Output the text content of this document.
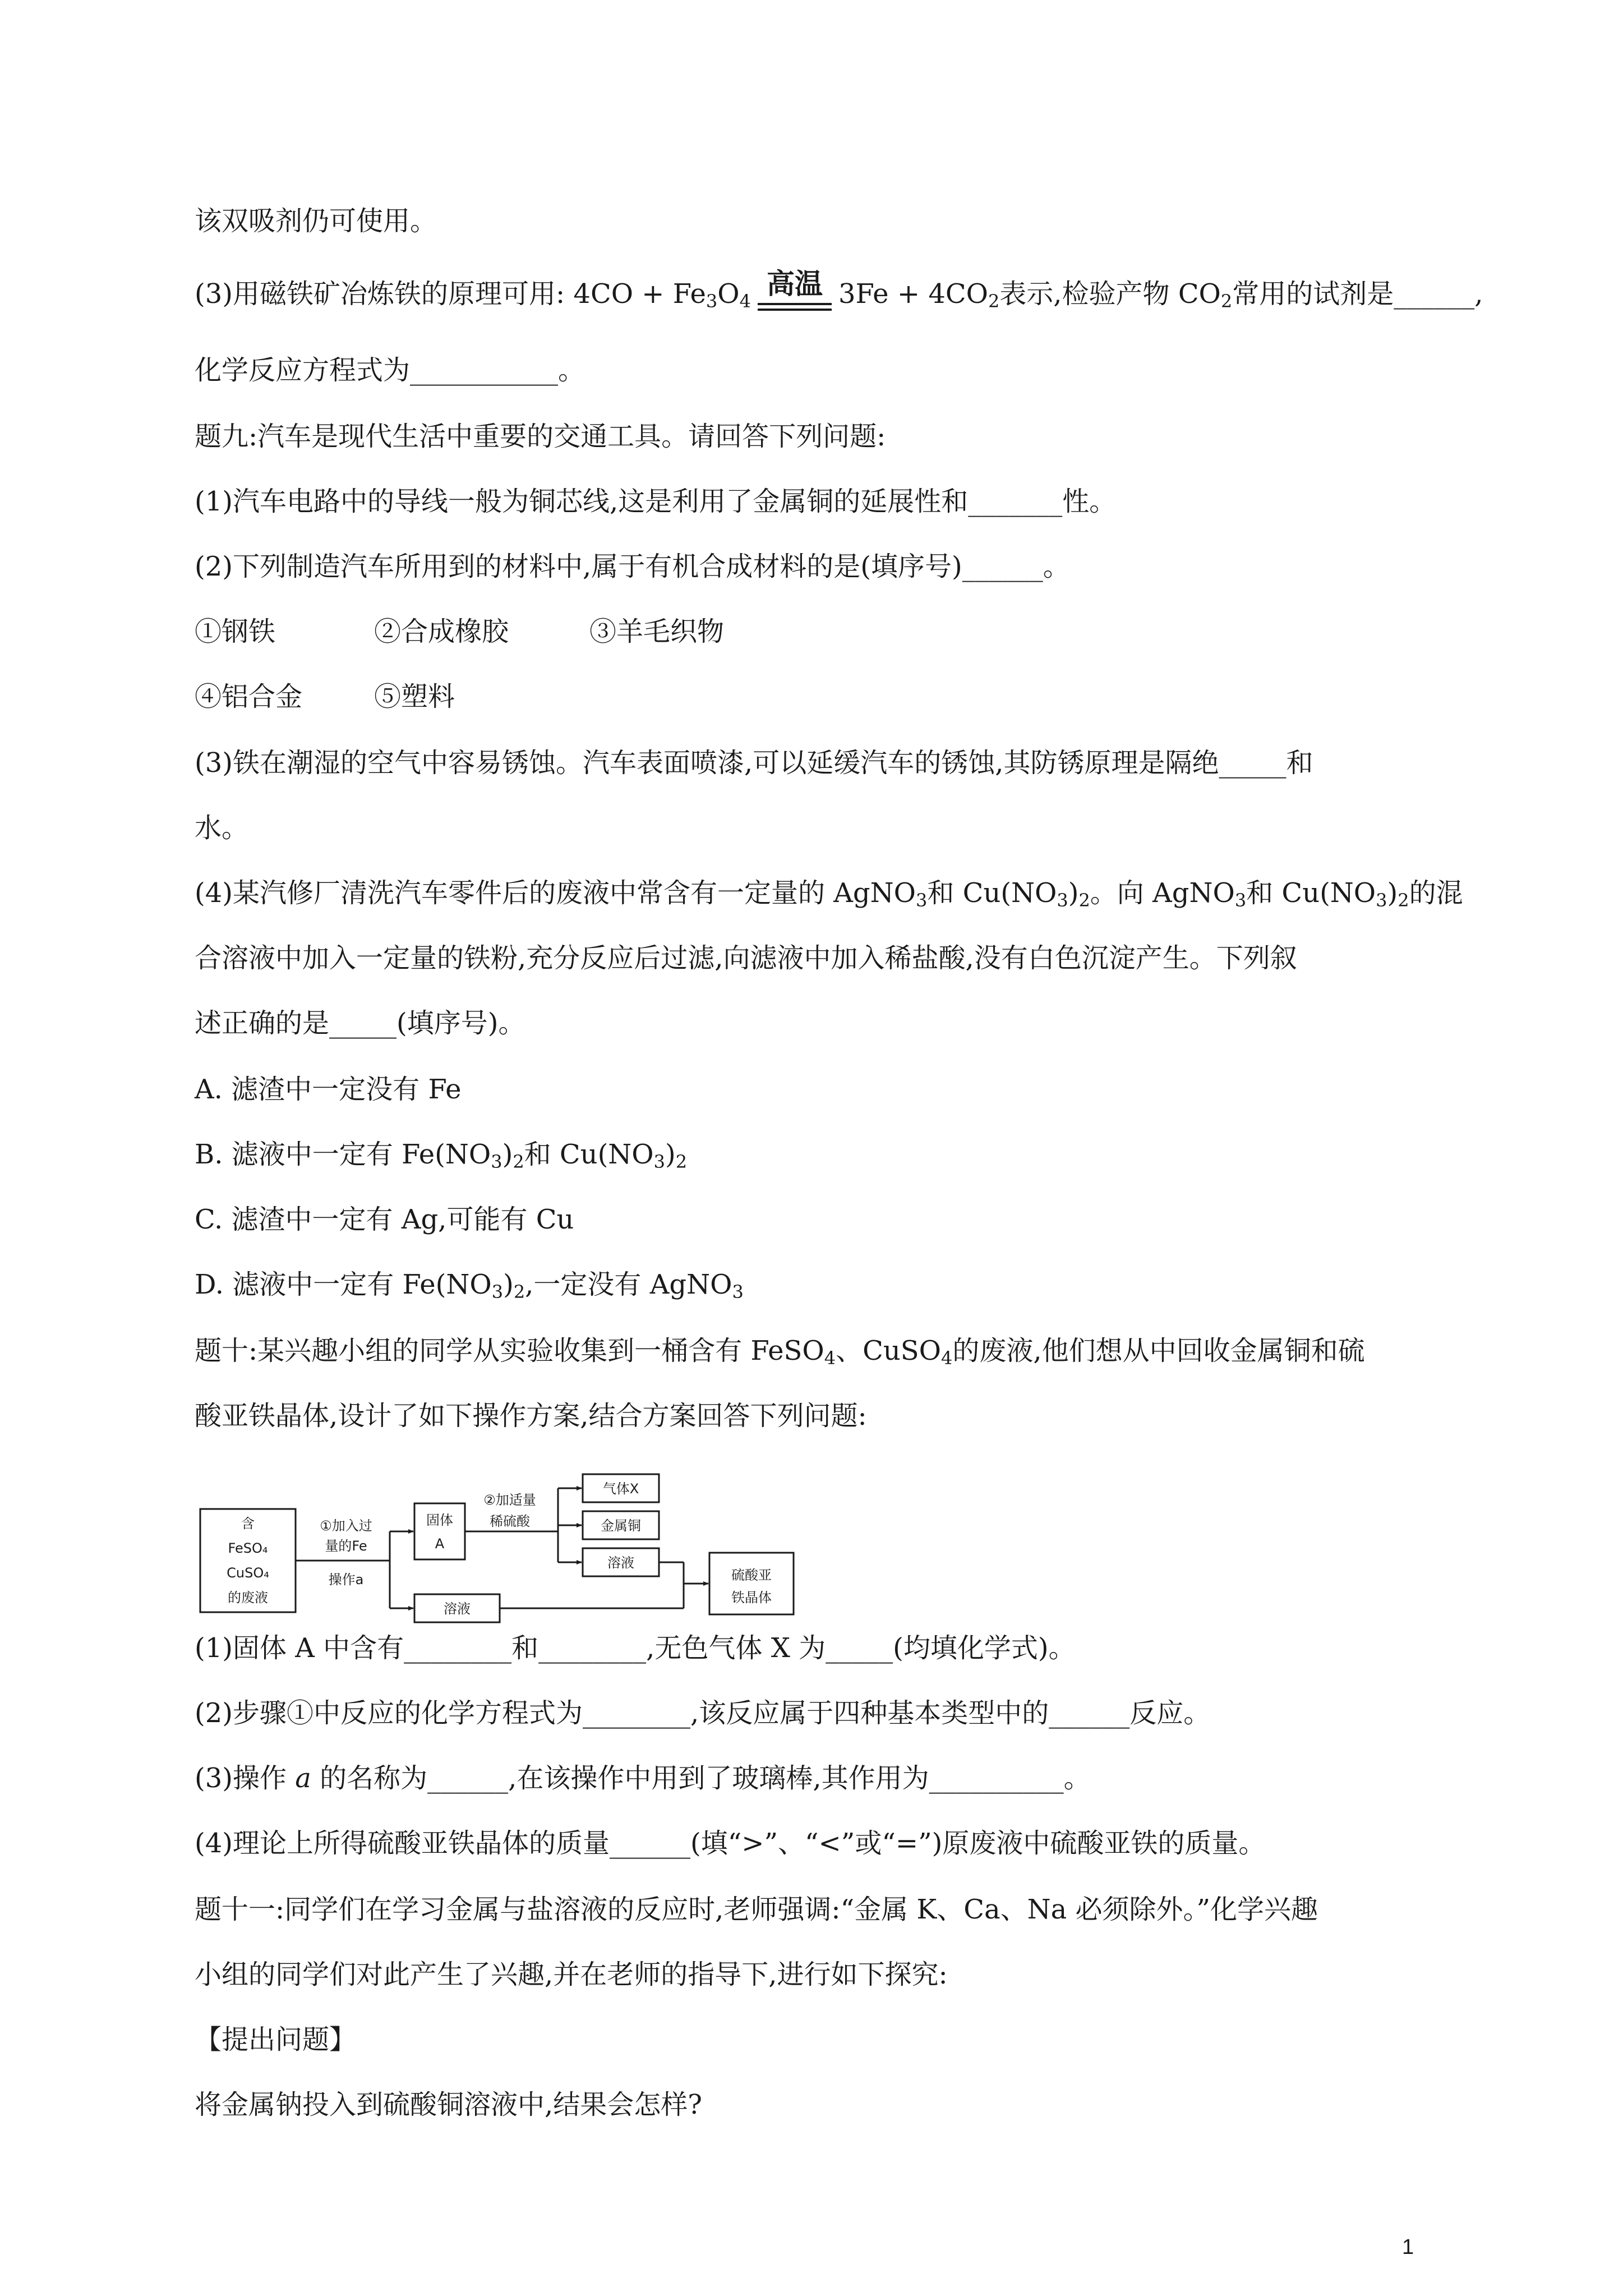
该双吸剂仍可使用。
(3)用磁铁矿冶炼铁的原理可用: $4CO + Fe_3O_4$
高温 $3Fe + 4CO_2$表示,检验产物 $CO_2$常用的试剂是______,
化学反应方程式为___________。
题九:汽车是现代生活中重要的交通工具。请回答下列问题:
(1)汽车电路中的导线一般为铜芯线,这是利用了金属铜的延展性和_______性。
(2)下列制造汽车所用到的材料中,属于有机合成材料的是(填序号)______。
①钢铁	②合成橡胶	③羊毛织物
④铝合金	⑤塑料
(3)铁在潮湿的空气中容易锈蚀。汽车表面喷漆,可以延缓汽车的锈蚀,其防锈原理是隔绝_____和
水。
(4)某汽修厂清洗汽车零件后的废液中常含有一定量的 AgNO$_3$和 $Cu(NO_3)_2$。向 AgNO$_3$和 $Cu(NO_3)_2$的混
合溶液中加入一定量的铁粉,充分反应后过滤,向滤液中加入稀盐酸,没有白色沉淀产生。下列叙
述正确的是_____(填序号)。
A. 滤渣中一定没有 Fe
B. 滤液中一定有 $Fe(NO_3)_2$和 $Cu(NO_3)_2$
C. 滤渣中一定有 Ag,可能有 Cu
D. 滤液中一定有 $Fe(NO_3)_2$,一定没有 AgNO$_3$
题十:某兴趣小组的同学从实验收集到一桶含有 FeSO$_4$、CuSO$_4$的废液,他们想从中回收金属铜和硫
酸亚铁晶体,设计了如下操作方案,结合方案回答下列问题:
含
FeSO₄
CuSO₄
的废液
①加入过
量的Fe
操作a
固体
A
②加适量
稀硫酸
气体X
金属铜
溶液
溶液
硫酸亚
铁晶体
(1)固体 A 中含有________和________,无色气体 X 为_____(均填化学式)。
(2)步骤①中反应的化学方程式为________,该反应属于四种基本类型中的______反应。
(3)操作 a 的名称为______,在该操作中用到了玻璃棒,其作用为__________。
(4)理论上所得硫酸亚铁晶体的质量______(填“>”、“<”或“=”)原废液中硫酸亚铁的质量。
题十一:同学们在学习金属与盐溶液的反应时,老师强调:“金属 K、Ca、Na 必须除外。”化学兴趣
小组的同学们对此产生了兴趣,并在老师的指导下,进行如下探究:
【提出问题】
将金属钠投入到硫酸铜溶液中,结果会怎样?
1
